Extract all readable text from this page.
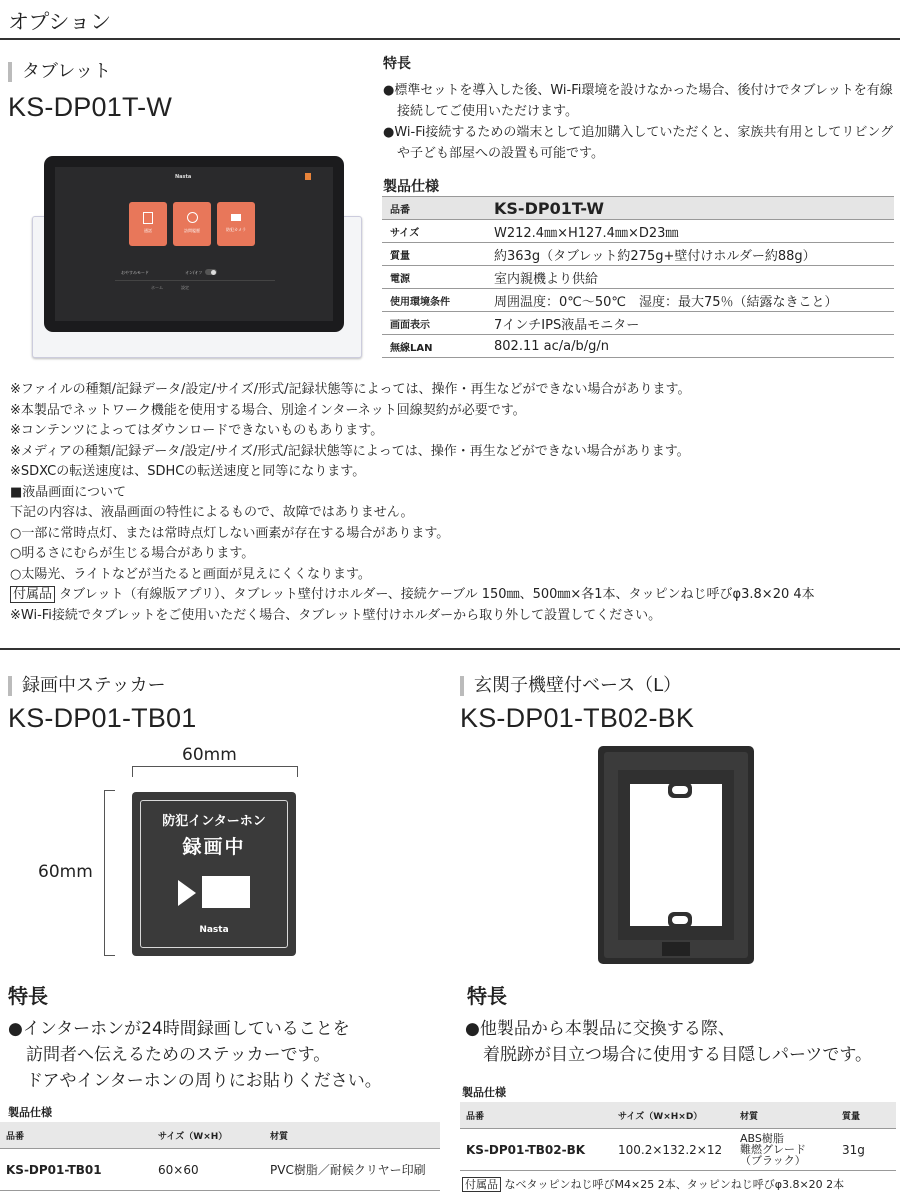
オプション
タブレット
KS-DP01T-W
Nasta
通話	訪問履歴	防犯カメラ
おやすみモード	オン/オフ
ホーム	設定
特長
●標準セットを導入した後、Wi-Fi環境を設けなかった場合、後付けでタブレットを有線接続してご使用いただけます。
●Wi-Fi接続するための端末として追加購入していただくと、家族共有用としてリビングや子ども部屋への設置も可能です。
製品仕様
品番	KS-DP01T-W
サイズ	W212.4㎜×H127.4㎜×D23㎜
質量	約363g（タブレット約275g+壁付けホルダー約88g）
電源	室内親機より供給
使用環境条件	周囲温度：0℃～50℃　湿度：最大75％（結露なきこと）
画面表示	7インチIPS液晶モニター
無線LAN	802.11 ac/a/b/g/n
※ファイルの種類/記録データ/設定/サイズ/形式/記録状態等によっては、操作・再生などができない場合があります。
※本製品でネットワーク機能を使用する場合、別途インターネット回線契約が必要です。
※コンテンツによってはダウンロードできないものもあります。
※メディアの種類/記録データ/設定/サイズ/形式/記録状態等によっては、操作・再生などができない場合があります。
※SDXCの転送速度は、SDHCの転送速度と同等になります。
■液晶画面について
下記の内容は、液晶画面の特性によるもので、故障ではありません。
○一部に常時点灯、または常時点灯しない画素が存在する場合があります。
○明るさにむらが生じる場合があります。
○太陽光、ライトなどが当たると画面が見えにくくなります。
付属品 タブレット（有線版アプリ）、タブレット壁付けホルダー、接続ケーブル 150㎜、500㎜×各1本、タッピンねじ呼びφ3.8×20 4本
※Wi-Fi接続でタブレットをご使用いただく場合、タブレット壁付けホルダーから取り外して設置してください。
録画中ステッカー
KS-DP01-TB01
60mm
60mm
防犯インターホン
録画中
Nasta
特長
●インターホンが24時間録画していることを
訪問者へ伝えるためのステッカーです。
ドアやインターホンの周りにお貼りください。
製品仕様
品番	サイズ（W×H）	材質
KS-DP01-TB01	60×60	PVC樹脂／耐候クリヤー印刷
玄関子機壁付ベース（L）
KS-DP01-TB02-BK
特長
●他製品から本製品に交換する際、
着脱跡が目立つ場合に使用する目隠しパーツです。
製品仕様
品番	サイズ（W×H×D）	材質	質量
KS-DP01-TB02-BK	100.2×132.2×12	ABS樹脂
難燃グレード
（ブラック）	31g
付属品 なべタッピンねじ呼びM4×25 2本、タッピンねじ呼びφ3.8×20 2本
